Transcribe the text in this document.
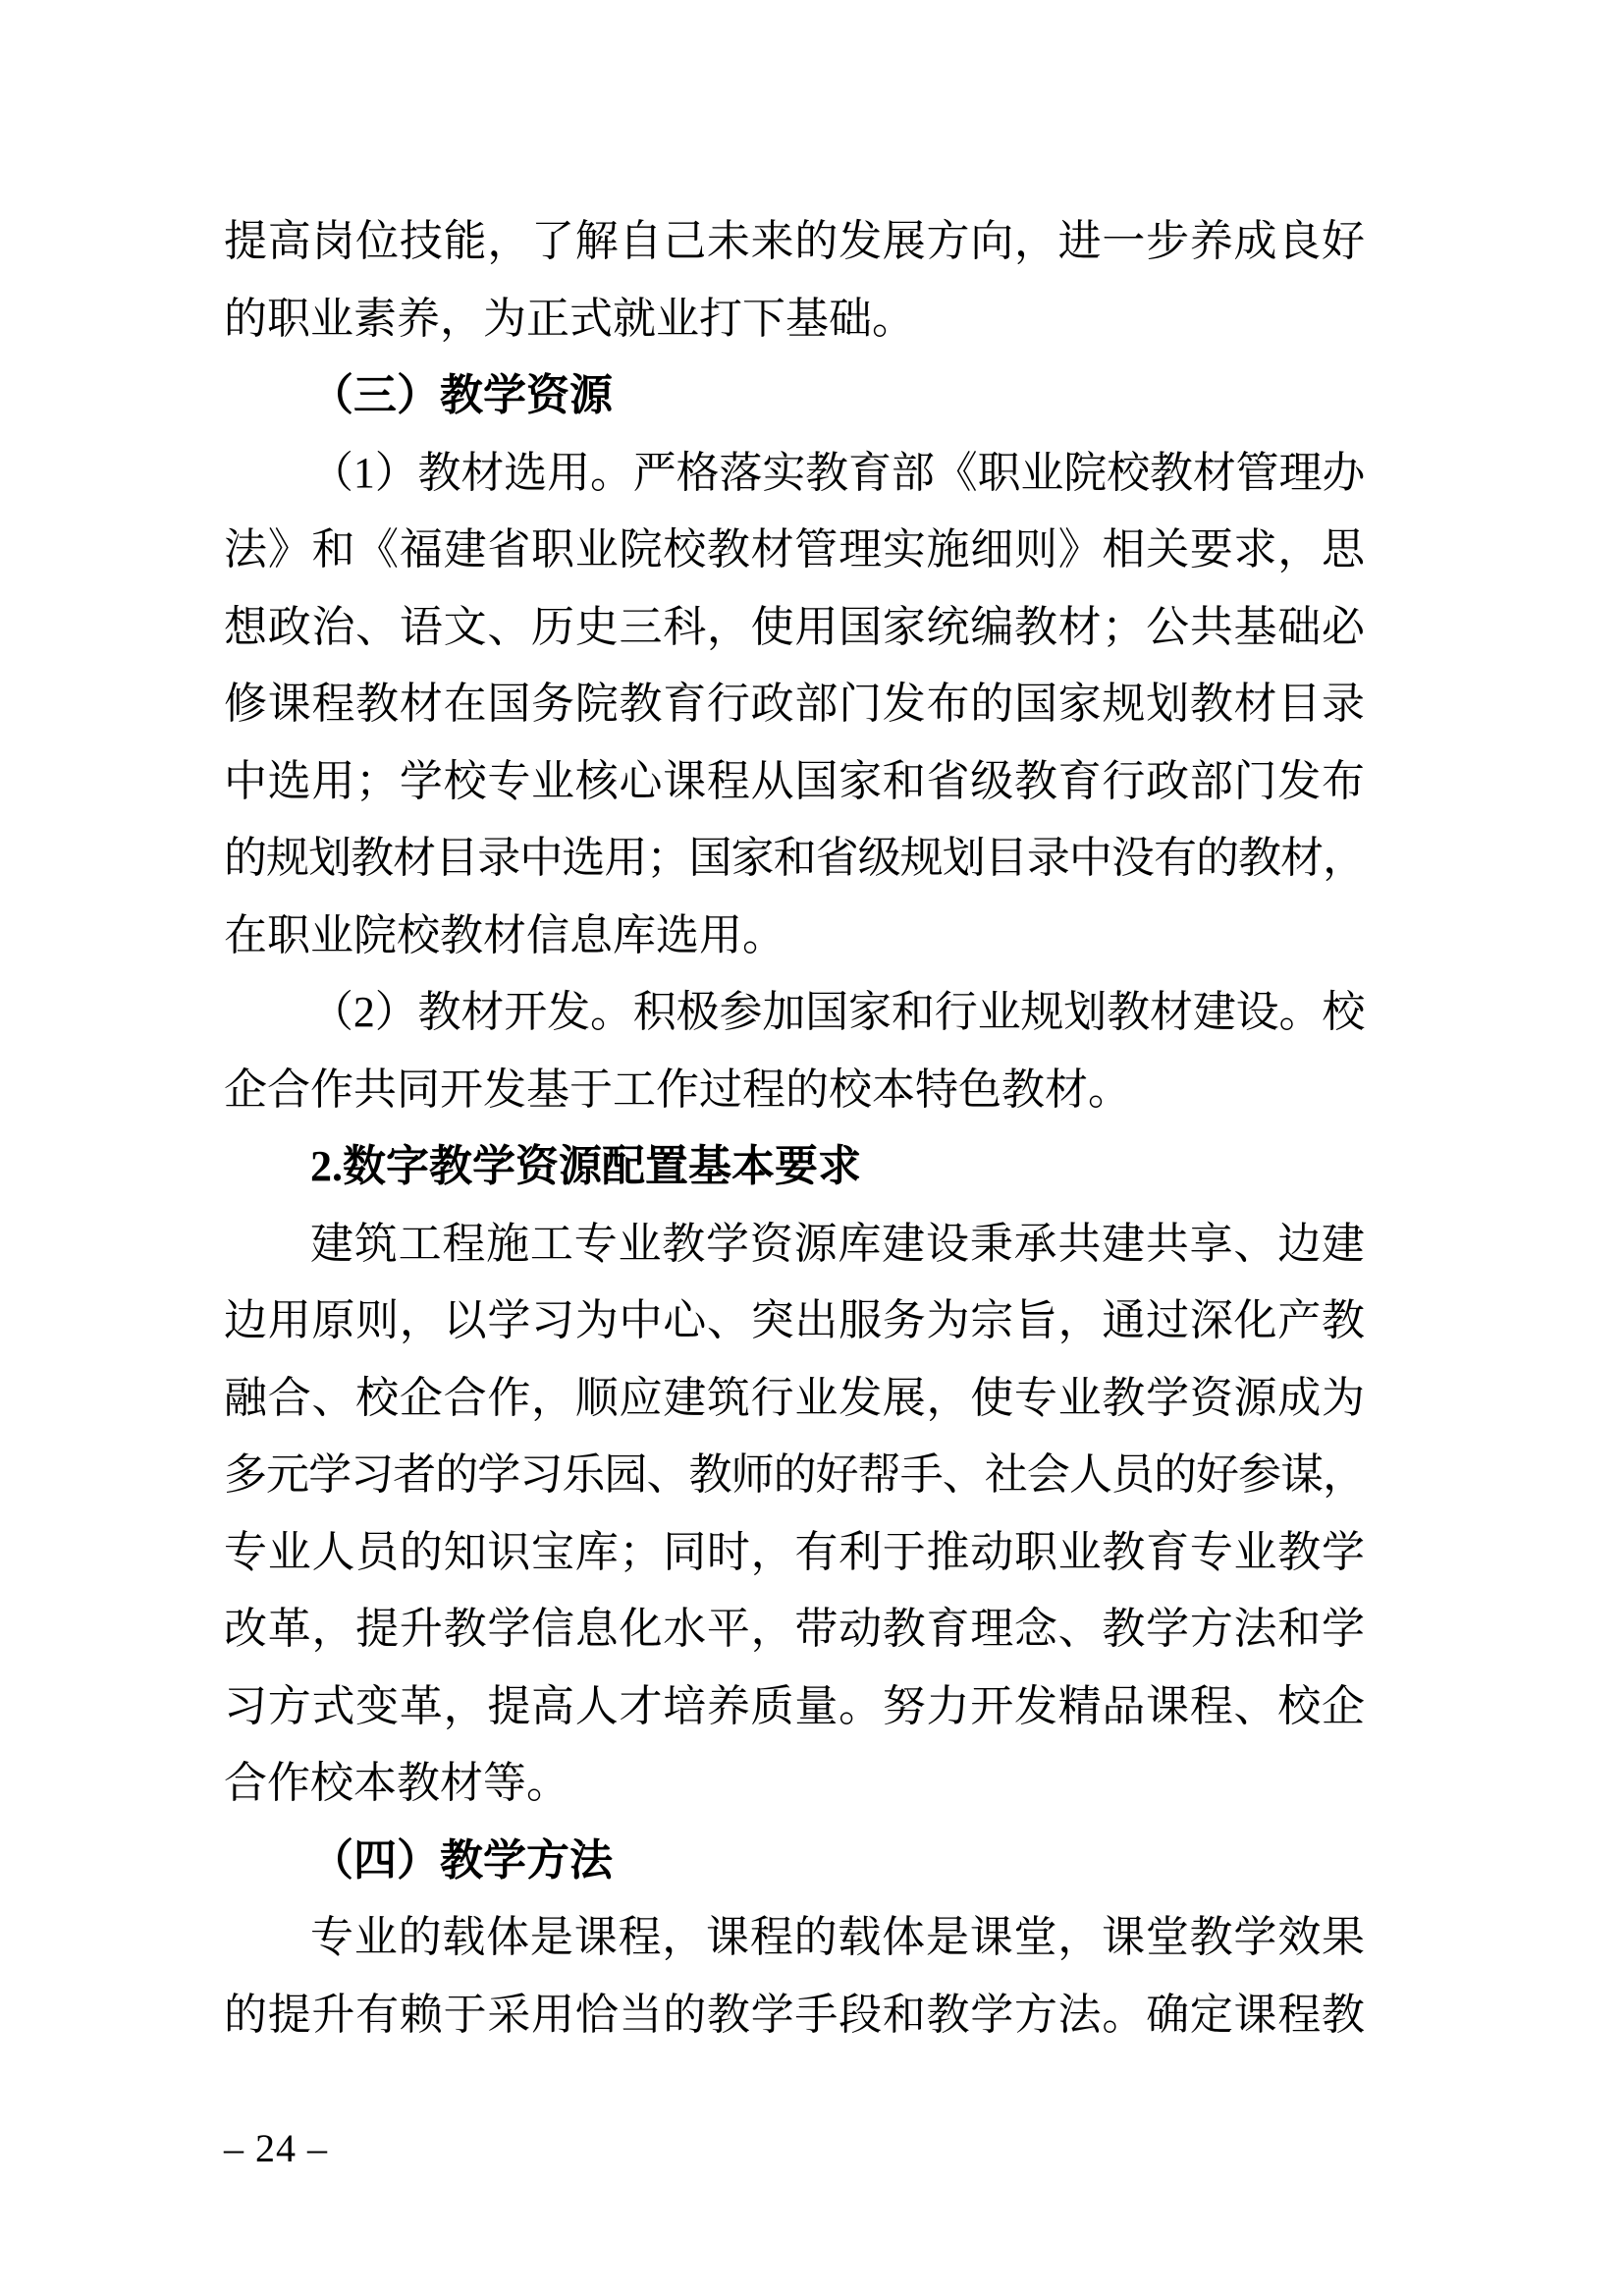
提高岗位技能，了解自己未来的发展方向，进一步养成良好
的职业素养，为正式就业打下基础。

（三）教学资源

（1）教材选用。严格落实教育部《职业院校教材管理办
法》和《福建省职业院校教材管理实施细则》相关要求，思
想政治、语文、历史三科，使用国家统编教材；公共基础必
修课程教材在国务院教育行政部门发布的国家规划教材目录
中选用；学校专业核心课程从国家和省级教育行政部门发布
的规划教材目录中选用；国家和省级规划目录中没有的教材，
在职业院校教材信息库选用。

（2）教材开发。积极参加国家和行业规划教材建设。校
企合作共同开发基于工作过程的校本特色教材。

2.数字教学资源配置基本要求

建筑工程施工专业教学资源库建设秉承共建共享、边建
边用原则，以学习为中心、突出服务为宗旨，通过深化产教
融合、校企合作，顺应建筑行业发展，使专业教学资源成为
多元学习者的学习乐园、教师的好帮手、社会人员的好参谋，
专业人员的知识宝库；同时，有利于推动职业教育专业教学
改革，提升教学信息化水平，带动教育理念、教学方法和学
习方式变革，提高人才培养质量。努力开发精品课程、校企
合作校本教材等。

（四）教学方法

专业的载体是课程，课程的载体是课堂，课堂教学效果
的提升有赖于采用恰当的教学手段和教学方法。确定课程教

– 24 –
